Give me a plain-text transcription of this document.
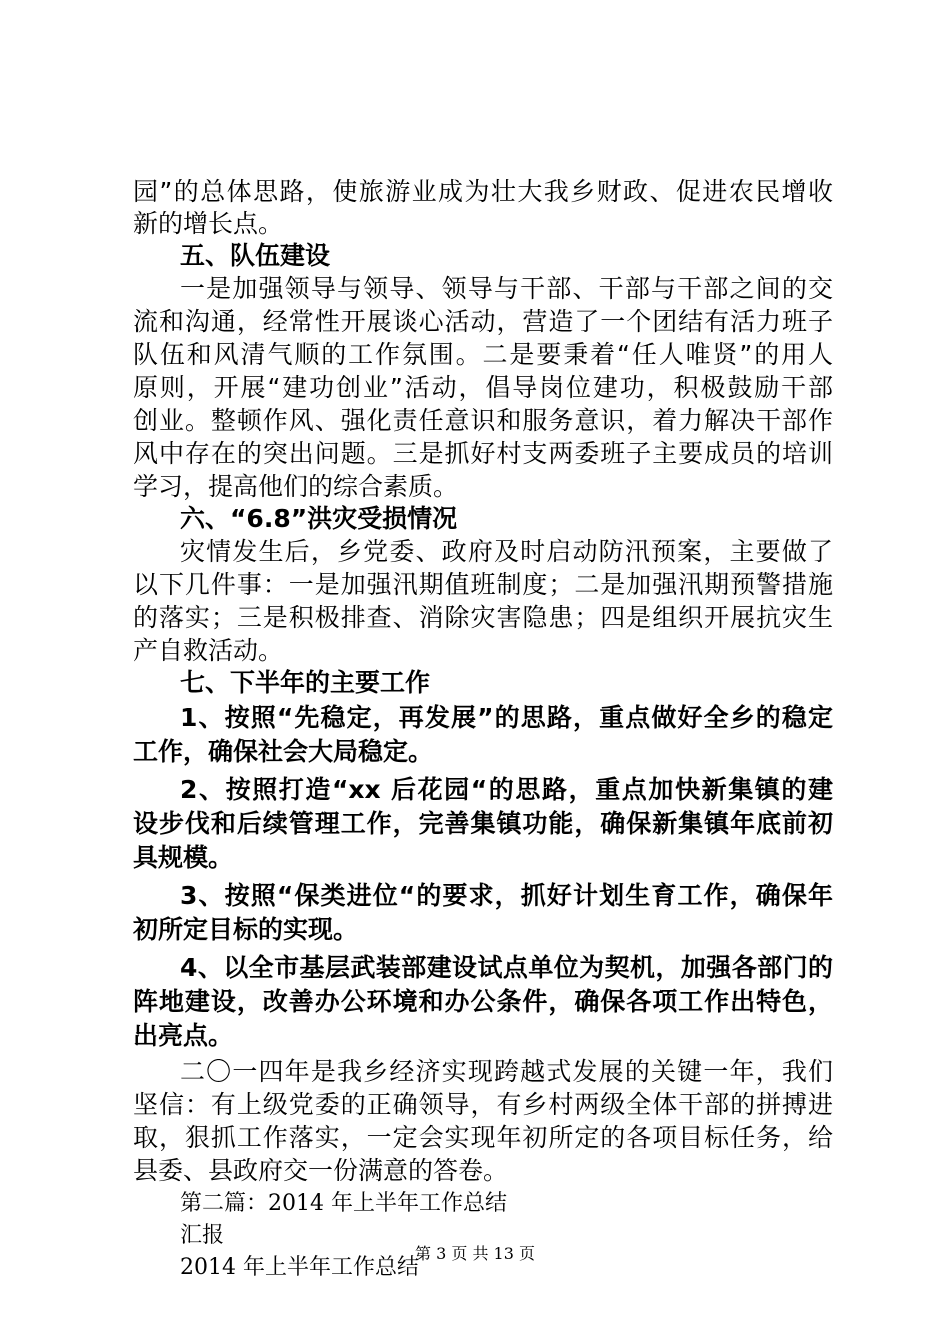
园”的总体思路，使旅游业成为壮大我乡财政、促进农民增收
新的增长点。
五、队伍建设
一是加强领导与领导、领导与干部、干部与干部之间的交
流和沟通，经常性开展谈心活动，营造了一个团结有活力班子
队伍和风清气顺的工作氛围。二是要秉着“任人唯贤”的用人
原则，开展“建功创业”活动，倡导岗位建功，积极鼓励干部
创业。整顿作风、强化责任意识和服务意识，着力解决干部作
风中存在的突出问题。三是抓好村支两委班子主要成员的培训
学习，提高他们的综合素质。
六、“6.8”洪灾受损情况
灾情发生后，乡党委、政府及时启动防汛预案，主要做了
以下几件事：一是加强汛期值班制度；二是加强汛期预警措施
的落实；三是积极排查、消除灾害隐患；四是组织开展抗灾生
产自救活动。
七、下半年的主要工作
1、按照“先稳定，再发展”的思路，重点做好全乡的稳定
工作，确保社会大局稳定。
2、按照打造“xx 后花园“的思路，重点加快新集镇的建
设步伐和后续管理工作，完善集镇功能，确保新集镇年底前初
具规模。
3、按照“保类进位“的要求，抓好计划生育工作，确保年
初所定目标的实现。
4、以全市基层武装部建设试点单位为契机，加强各部门的
阵地建设，改善办公环境和办公条件，确保各项工作出特色，
出亮点。
二〇一四年是我乡经济实现跨越式发展的关键一年，我们
坚信：有上级党委的正确领导，有乡村两级全体干部的拼搏进
取，狠抓工作落实，一定会实现年初所定的各项目标任务，给
县委、县政府交一份满意的答卷。
第二篇：2014 年上半年工作总结
汇报
2014 年上半年工作总结
第 3 页 共 13 页
